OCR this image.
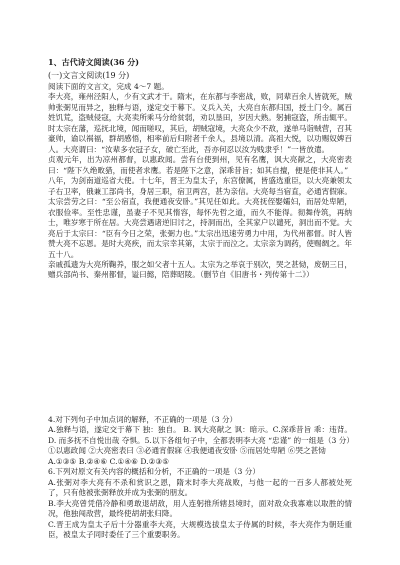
1、古代诗文阅读(36 分)
(一)文言文阅读(19 分)

阅读下面的文言文，完成 4～7 题。

李大亮，雍州泾阳人，少有文武才干。隋末，在东都与李密战，败，同辈百余人皆就死，贼帅张弼见而异之，独释与语，遂定交于幕下。义兵入关，大亮自东都归国，授土门令。属百姓饥荒，盗贼侵寇，大亮卖所乘马分给贫弱，劝以垦田，岁因大熟。躬捕寇盗，所击辄平。时太宗在藩，巡抚北境，闻而嗟叹，其后，胡贼寇境，大亮众少不敌，遂单马诣贼营，召其豪帅，谕以祸福，群胡感悟，相率前后归附者千余人，县境以清。高祖大悦，以功赐奴婢百人。大亮谓曰：“汝辈多衣冠子女，破亡至此，吾亦何忍以汝为贱隶乎！”一皆放遣。

贞观元年，出为凉州都督，以惠政闻。尝有台使到州，见有名鹰，讽大亮献之，大亮密表曰：“陛下久绝畋猎，而使者求鹰。若是陛下之意，深乖昔旨；如其自擅，便是使非其人。”

八年，为剑南道巡省大使。十七年，晋王为皇太子，东宫僚属，皆盛选重臣，以大亮兼领太子右卫率，俄兼工部尚书，身居三职，宿卫两宫，甚为亲信。大亮每当宿直，必通宵假寐。太宗尝劳之曰：“至公宿直，我便通夜安卧。”其见任如此。大亮抚侄娶孀妇，而居处卑陋，衣服俭率。至性忠谨，虽妻子不见其惰容，每怀先哲之道，而久不能得。彻舞侍筑，再纳士，唯岁寒于所在居。大亮尝遇诸逆旧讨之，持洞而出，全其家户以谴死，洞出而不觉。大亮后于太宗曰：“臣有今日之荣，张弼力也。”太宗出迅速劳勇力中用，为代州都督。时人皆赞大亮不忘恩。是时大亮疾，而太宗幸其第，太宗于而泣之。太宗亲为调药，使赐绸之。年五十八。

亲戚孤遗为大亮所鞠养，服之如父者十五人。太宗为之举哀于别次，哭之甚恸，废朝三日，赠兵部尚书、秦州都督，谥曰懿，陪葬昭陵。（删节自《旧唐书・列传第十二》）

4.对下列句子中加点词的解释，不正确的一项是（3 分）

A.独释与语，遂定交于幕下 独：独自。 B. 讽大亮献之 讽：暗示。C.深乖昔旨 乖：违背。 D. 而多抚不自悦出哉 夺惧。5.以下各组句子中，全都表明李大亮 “忠谨” 的一组是（3 分）

①以惠政闻 ②大亮密表曰 ③必通宵假寐 ④我便通夜安卧 ⑤而居处卑陋 ⑥哭之甚恸

A.①③⑤ B.②④⑥ C.①④⑥ D.②③⑤

6.下列对原文有关内容的概括和分析，不正确的一项是（3 分）

A.张弼对李大亮有不杀和赏识之恩，隋末时李大亮战败，与他一起的一百多人都被处死了，只有他被张弼释放并成为张弼的朋友。

B.李大亮曾凭借冷静和勇敢退胡敌，用人连躬推所辖县境时，面对敌众我寡难以取胜的情况，他独闯敌营，最终使胡胡张归降。

C.晋王成为皇太子后十分器重李大亮，大规模选拔皇太子侍属的时候，李大亮作为朝廷重臣，被皇太子同时委任了三个重要职务。
